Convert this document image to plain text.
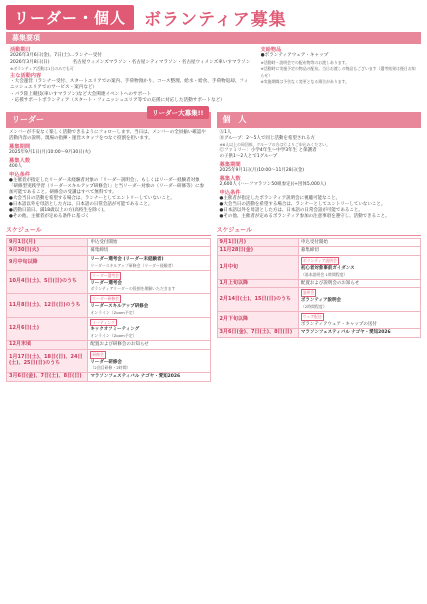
リーダー・個人	ボランティア募集
募集要項
活動期日
2026年3月6日(金)、7日(土)…ランナー受付
2026年3月8日(日)　　　　　名古屋ウィメンズマラソン・名古屋シティマラソン・名古屋ウィメンズ車いすマラソン
※ボランティア活動は1日のみでも可
主な活動内容
・大会運営（ランナー受付、スタートエリアでの案内、手荷物預かり、コース整理、給水・給食、手荷物返却、フィニッシュエリアでのサービス・案内など）
・パラ陸上競技(車いすマラソン)など大会関連イベントへのサポート
・応援サポートボランティア（スタート・フィニッシュエリア等での応援に対応した活動サポートなど）
支給物品
●ボランティアウェア・キャップ
※活動時・説明会での配布物等のお渡しあります。
※活動時に実施予定の物品の配布。当日お渡しの物品もございます（選考結果は後日お知らせ）
※実施期間は予告なく変更となる場合があります。
リーダー
リーダー大募集!!
メンバーが不安なく楽しく活動できるようにフォローします。当日は、メンバーの全員揃い確認や活動内容の説明、現場の指揮・運営スタッフをつなぐ役割を担います。
募集期間
2025年9月1日(月)10:00〜9月30日(火)
募集人数
400人
申込条件
●主催者が指定したリーダー未経験者対象の「リーダー説明会」、もしくはリーダー経験者対象「研修型実践学習（リーダースキルアップ研修会）」と当リーダー対象の（リーダー研修等）に参加可能であること。研修会の受講はすべて無料です。
●大会当日の活動を希望する場合は、ランナーとしてエントリーしていないこと。
●日本語以外を母語とした方は、日本語の日常会話が可能であること。
●活動日前日、満18歳以上の方(高校生を除く)。
●その他、主催者が定める条件に基づく
スケジュール
9月1日(月)	申込受付開始

9月30日(火)	募集締切

9月中旬以降	リーダー選考会 (リーダー未経験者)
リーダースキルアップ研修会（リーダー経験者）

10月4日(土)、5日(日)のうち	リーダー選考会
リーダー選考会
ボランティアリーダーの役割を理解いただきます

11月8日(土)、12日(日)のうち	リーダー研修会
リーダースキルアップ研修会
オンライン（Zoom予定）

12月6日(土)	ミーティング
キックオフミーティング
オンライン（Zoom予定）

12月末頃	配置および研修会のお知らせ

1月17日(土)、18日(日)、24日(土)、25日(日)のうち	研修会
リーダー研修会
（2回目研修・2時間）

3月6日(金)、7日(土)、8日(日)	マラソンフェスティバル ナゴヤ・愛知2026
個　人
Ⓐ1人
Ⓑグループ：2〜5人で同じ活動を希望される方
※6人以上の同団体、グループの方はⒸよりご申込みください。
Ⓒファミリー：小学4年生〜中学3年生 と保護者
の子供1〜2人とで1グループ
募集期間
2025年9月1日(月)10:00〜11月28日(金)
募集人数
2,600人 (ハーフマラソン50組参定)(+団体5,000人)
申込条件
●主催者が指定したボランティア説明会に視聴可能なこと。
●大会当日の活動を希望する場合は、ランナーとしてエントリーしていないこと。
●日本語以外を母語とした方は、日本語の日常会話が可能であること。
●その他、主催者が定めるボランティア参加の注意事項を遵守し、活動できること。
スケジュール
9月1日(月)	申込受付開始

11月28日(金)	募集締切

1月中旬	ボランティア説明会
初心者対象事前ガイダンス
（基本説明会 1時間程度）

1月上旬以降	配置および説明会のお知らせ

2月14日(土)、15日(日)のうち	説明会
ボランティア説明会
（2時間程度）

2月下旬以降	ウェア配送
ボランティアウェア・キャップの送付

3月6日(金)、7日(土)、8日(日)	マラソンフェスティバル ナゴヤ・愛知2026
